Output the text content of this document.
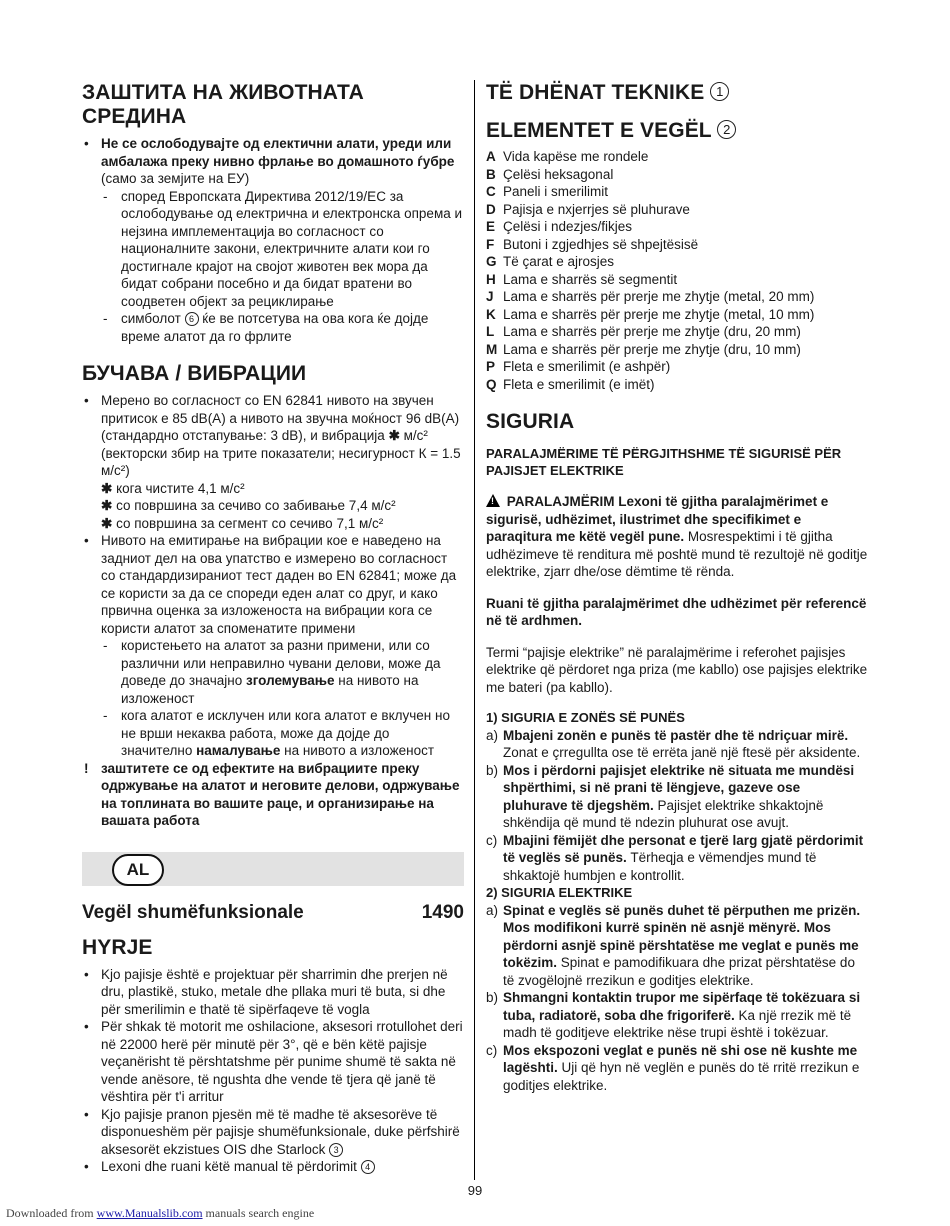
ЗАШТИТА НА ЖИВОТНАТА СРЕДИНА
• Не се ослободувајте од електични алати, уреди или амбалажа преку нивно фрлање во домашното ѓубре (само за земјите на ЕУ)
- според Европската Директива 2012/19/ЕС за ослободување од електрична и електронска опрема и нејзина имплементација во согласност со националните закони, електричните алати кои го достигнале крајот на својот животен век мора да бидат собрани посебно и да бидат вратени во соодветен објект за рециклирање
- симболот 6 ќе ве потсетува на ова кога ќе дојде време алатот да го фрлите
БУЧАВА / ВИБРАЦИИ
• Мерено во согласност со EN 62841 нивото на звучен притисок е 85 dB(A) а нивото на звучна моќност 96 dB(A) (стандардно отстапување: 3 dB), и вибрација ✱ м/с² (векторски збир на трите показатели; несигурност К = 1.5 м/с²)
✱ кога чистите 4,1 м/с²
✱ со површина за сечиво со забивање 7,4 м/с²
✱ со површина за сегмент со сечиво 7,1 м/с²
• Нивото на емитирање на вибрации кое е наведено на задниот дел на ова упатство е измерено во согласност со стандардизираниот тест даден во EN 62841; може да се користи за да се спореди еден алат со друг, и како првична оценка за изложеноста на вибрации кога се користи алатот за споменатите примени
- користењето на алатот за разни примени, или со различни или неправилно чувани делови, може да доведе до значајно зголемување на нивото на изложеност
- кога алатот е исклучен или кога алатот е вклучен но не врши некаква работа, може да дојде до значително намалување на нивото а изложеност
! заштитете се од ефектите на вибрациите преку одржување на алатот и неговите делови, одржување на топлината во вашите раце, и организирање на вашата работа
AL
Vegël shumëfunksionale	1490
HYRJE
• Kjo pajisje është e projektuar për sharrimin dhe prerjen në dru, plastikë, stuko, metale dhe pllaka muri të buta, si dhe për smerilimin e thatë të sipërfaqeve të vogla
• Për shkak të motorit me oshilacione, aksesori rrotullohet deri në 22000 herë për minutë për 3°, që e bën këtë pajisje veçanërisht të përshtatshme për punime shumë të sakta në vende anësore, të ngushta dhe vende të tjera që janë të vështira për t'i arritur
• Kjo pajisje pranon pjesën më të madhe të aksesorëve të disponueshëm për pajisje shumëfunksionale, duke përfshirë aksesorët ekzistues OIS dhe Starlock 3
• Lexoni dhe ruani këtë manual të përdorimit 4
TË DHËNAT TEKNIKE 1
ELEMENTET E VEGËL 2
A Vida kapëse me rondele
B Çelësi heksagonal
C Paneli i smerilimit
D Pajisja e nxjerrjes së pluhurave
E Çelësi i ndezjes/fikjes
F Butoni i zgjedhjes së shpejtësisë
G Të çarat e ajrosjes
H Lama e sharrës së segmentit
J Lama e sharrës për prerje me zhytje (metal, 20 mm)
K Lama e sharrës për prerje me zhytje (metal, 10 mm)
L Lama e sharrës për prerje me zhytje (dru, 20 mm)
M Lama e sharrës për prerje me zhytje (dru, 10 mm)
P Fleta e smerilimit (e ashpër)
Q Fleta e smerilimit (e imët)
SIGURIA
PARALAJMËRIME TË PËRGJITHSHME TË SIGURISË PËR PAJISJET ELEKTRIKE
! PARALAJMËRIM Lexoni të gjitha paralajmërimet e sigurisë, udhëzimet, ilustrimet dhe specifikimet e paraqitura me këtë vegël pune. Mosrespektimi i të gjitha udhëzimeve të renditura më poshtë mund të rezultojë në goditje elektrike, zjarr dhe/ose dëmtime të rënda.
Ruani të gjitha paralajmërimet dhe udhëzimet për referencë në të ardhmen.
Termi “pajisje elektrike” në paralajmërime i referohet pajisjes elektrike që përdoret nga priza (me kabllo) ose pajisjes elektrike me bateri (pa kabllo).
1) SIGURIA E ZONËS SË PUNËS
a) Mbajeni zonën e punës të pastër dhe të ndriçuar mirë. Zonat e çrregullta ose të errëta janë një ftesë për aksidente.
b) Mos i përdorni pajisjet elektrike në situata me mundësi shpërthimi, si në prani të lëngjeve, gazeve ose pluhurave të djegshëm. Pajisjet elektrike shkaktojnë shkëndija që mund të ndezin pluhurat ose avujt.
c) Mbajini fëmijët dhe personat e tjerë larg gjatë përdorimit të veglës së punës. Tërheqja e vëmendjes mund të shkaktojë humbjen e kontrollit.
2) SIGURIA ELEKTRIKE
a) Spinat e veglës së punës duhet të përputhen me prizën. Mos modifikoni kurrë spinën në asnjë mënyrë. Mos përdorni asnjë spinë përshtatëse me veglat e punës me tokëzim. Spinat e pamodifikuara dhe prizat përshtatëse do të zvogëlojnë rrezikun e goditjes elektrike.
b) Shmangni kontaktin trupor me sipërfaqe të tokëzuara si tuba, radiatorë, soba dhe frigoriferë. Ka një rrezik më të madh të goditjeve elektrike nëse trupi është i tokëzuar.
c) Mos ekspozoni veglat e punës në shi ose në kushte me lagështi. Uji që hyn në veglën e punës do të rritë rrezikun e goditjes elektrike.
99
Downloaded from www.Manualslib.com manuals search engine
